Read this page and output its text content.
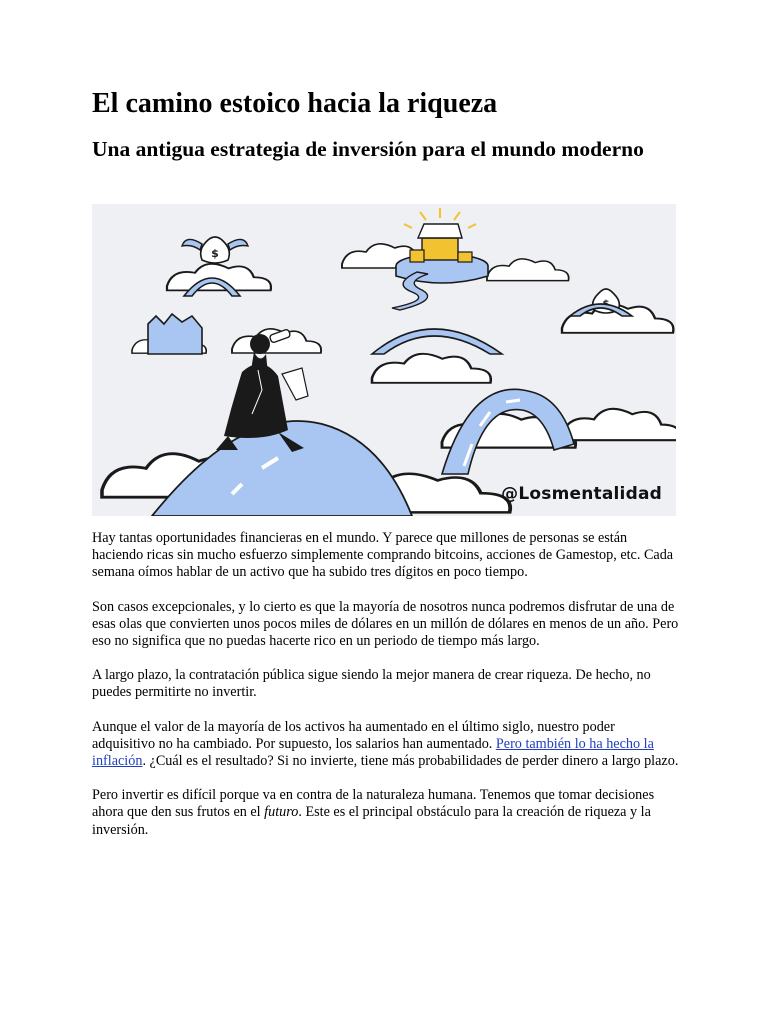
El camino estoico hacia la riqueza
Una antigua estrategia de inversión para el mundo moderno
$
@Losmentalidad

Hay tantas oportunidades financieras en el mundo. Y parece que millones de personas se están haciendo ricas sin mucho esfuerzo simplemente comprando bitcoins, acciones de Gamestop, etc. Cada semana oímos hablar de un activo que ha subido tres dígitos en poco tiempo.

Son casos excepcionales, y lo cierto es que la mayoría de nosotros nunca podremos disfrutar de una de esas olas que convierten unos pocos miles de dólares en un millón de dólares en menos de un año. Pero eso no significa que no puedas hacerte rico en un periodo de tiempo más largo.

A largo plazo, la contratación pública sigue siendo la mejor manera de crear riqueza. De hecho, no puedes permitirte no invertir.

Aunque el valor de la mayoría de los activos ha aumentado en el último siglo, nuestro poder adquisitivo no ha cambiado. Por supuesto, los salarios han aumentado. Pero también lo ha hecho la inflación. ¿Cuál es el resultado? Si no invierte, tiene más probabilidades de perder dinero a largo plazo.

Pero invertir es difícil porque va en contra de la naturaleza humana. Tenemos que tomar decisiones ahora que den sus frutos en el futuro. Este es el principal obstáculo para la creación de riqueza y la inversión.
